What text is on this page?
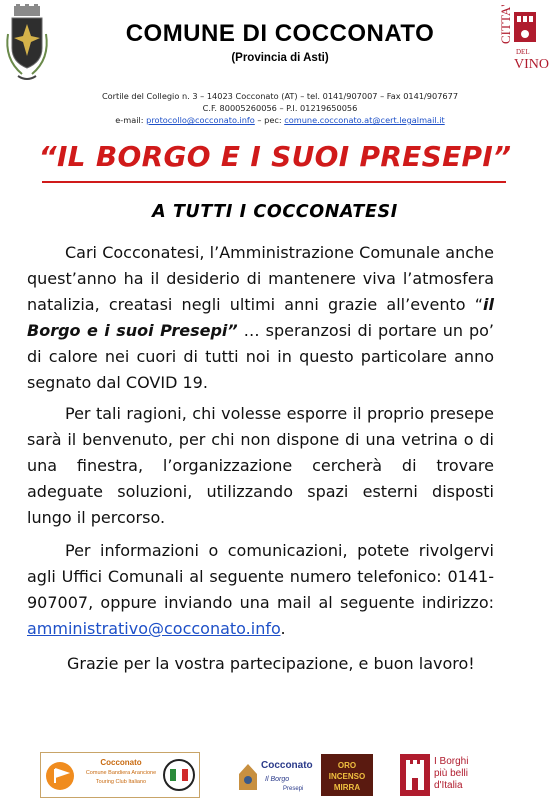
CITTA'
DEL
VINO
COMUNE DI COCCONATO
(Provincia di Asti)
Cortile del Collegio n. 3 – 14023 Cocconato (AT) – tel. 0141/907007 – Fax 0141/907677
C.F. 80005260056 – P.I. 01219650056
e-mail: protocollo@cocconato.info – pec: comune.cocconato.at@cert.legalmail.it
“IL BORGO E I SUOI PRESEPI”
A TUTTI I COCCONATESI
Cari Cocconatesi, l’Amministrazione Comunale anche quest’anno ha il desiderio di mantenere viva l’atmosfera natalizia, creatasi negli ultimi anni grazie all’evento “il Borgo e i suoi Presepi” … speranzosi di portare un po’ di calore nei cuori di tutti noi in questo particolare anno segnato dal COVID 19.
Per tali ragioni, chi volesse esporre il proprio presepe sarà il benvenuto, per chi non dispone di una vetrina o di una finestra, l’organizzazione cercherà di trovare adeguate soluzioni, utilizzando spazi esterni disposti lungo il percorso.
Per informazioni o comunicazioni, potete rivolgervi agli Uffici Comunali al seguente numero telefonico: 0141-907007, oppure inviando una mail al seguente indirizzo: amministrativo@cocconato.info.
Grazie per la vostra partecipazione, e buon lavoro!
Cocconato
Comune Bandiera Arancione
Touring Club Italiano
Cocconato
Il Borgo
Presepi
ORO INCENSO MIRRA
I Borghi
più belli
d'Italia
